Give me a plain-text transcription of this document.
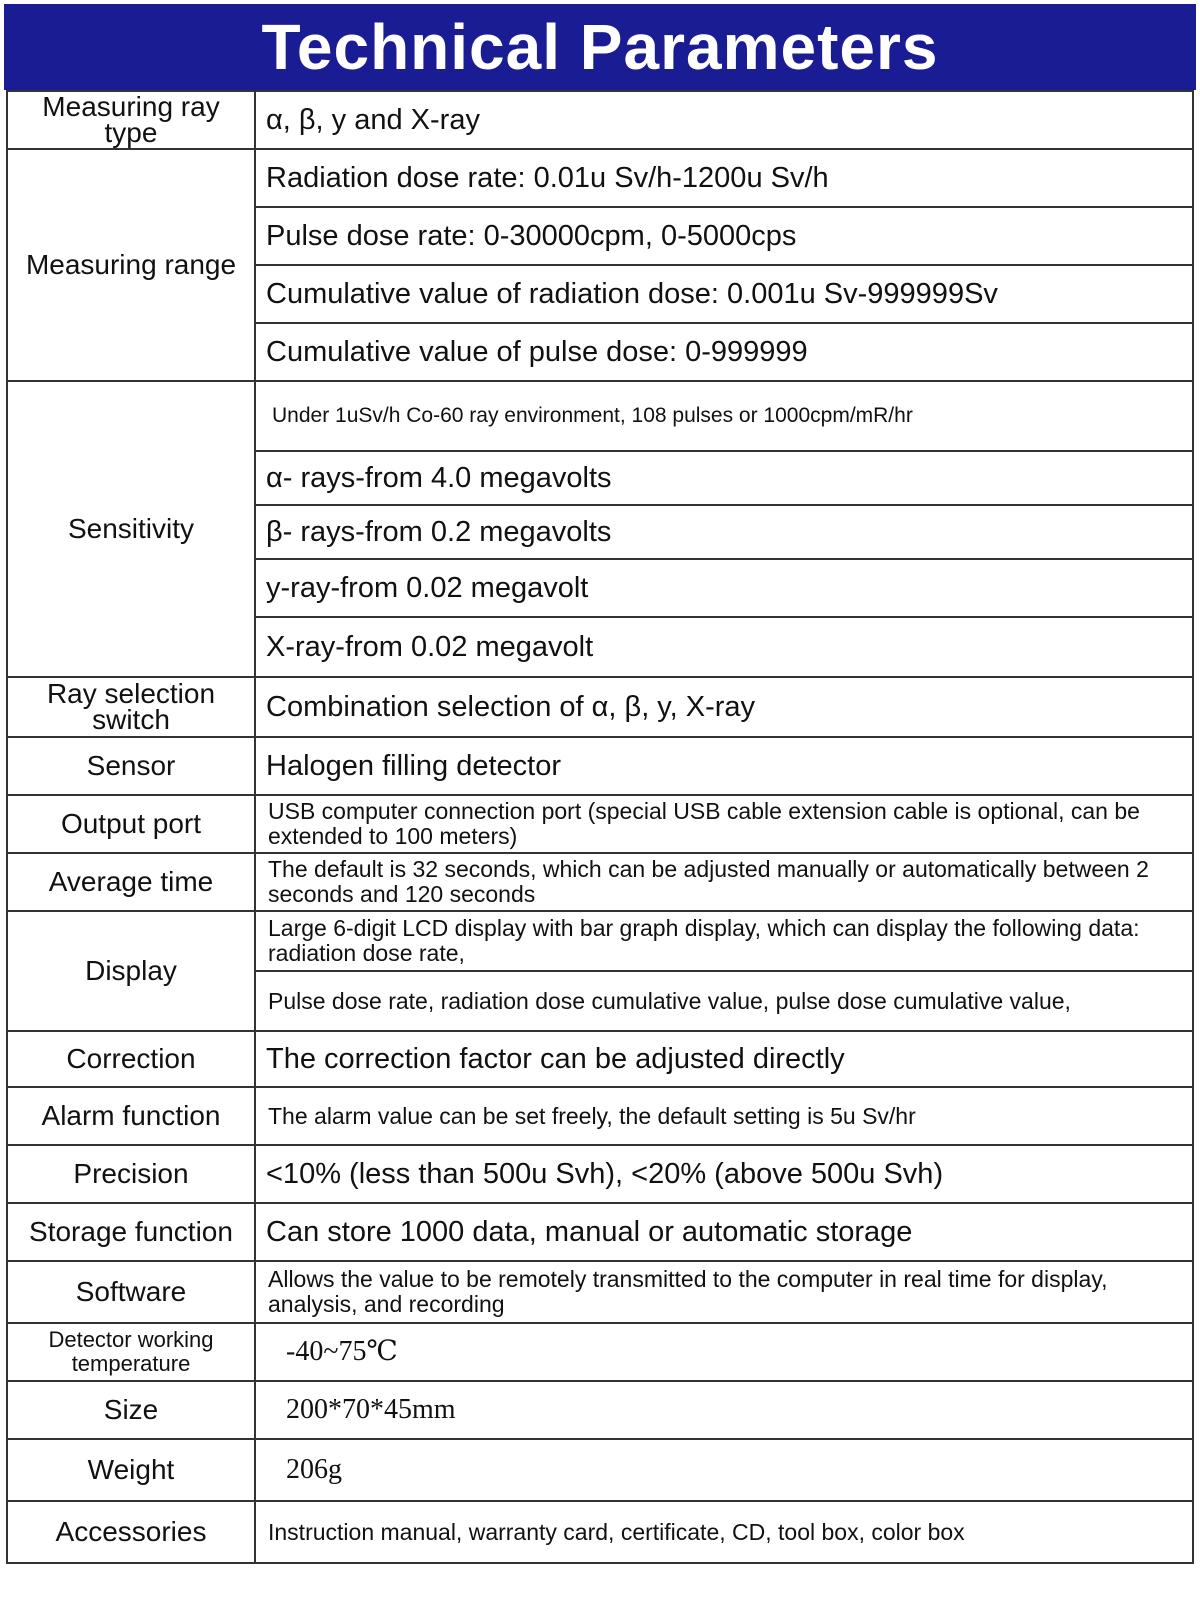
Technical Parameters
Measuring ray type	α, β, y and X-ray
Measuring range	Radiation dose rate: 0.01u Sv/h-1200u Sv/h
	Pulse dose rate: 0-30000cpm, 0-5000cps
	Cumulative value of radiation dose: 0.001u Sv-999999Sv
	Cumulative value of pulse dose: 0-999999
Sensitivity	Under 1uSv/h Co-60 ray environment, 108 pulses or 1000cpm/mR/hr
	α- rays-from 4.0 megavolts
	β- rays-from 0.2 megavolts
	y-ray-from 0.02 megavolt
	X-ray-from 0.02 megavolt
Ray selection switch	Combination selection of α, β, y, X-ray
Sensor	Halogen filling detector
Output port	USB computer connection port (special USB cable extension cable is optional, can be extended to 100 meters)
Average time	The default is 32 seconds, which can be adjusted manually or automatically between 2 seconds and 120 seconds
Display	Large 6-digit LCD display with bar graph display, which can display the following data: radiation dose rate,
	Pulse dose rate, radiation dose cumulative value, pulse dose cumulative value,
Correction	The correction factor can be adjusted directly
Alarm function	The alarm value can be set freely, the default setting is 5u Sv/hr
Precision	<10% (less than 500u Svh), <20% (above 500u Svh)
Storage function	Can store 1000 data, manual or automatic storage
Software	Allows the value to be remotely transmitted to the computer in real time for display, analysis, and recording
Detector working temperature	-40~75℃
Size	200*70*45mm
Weight	206g
Accessories	Instruction manual, warranty card, certificate, CD, tool box, color box
